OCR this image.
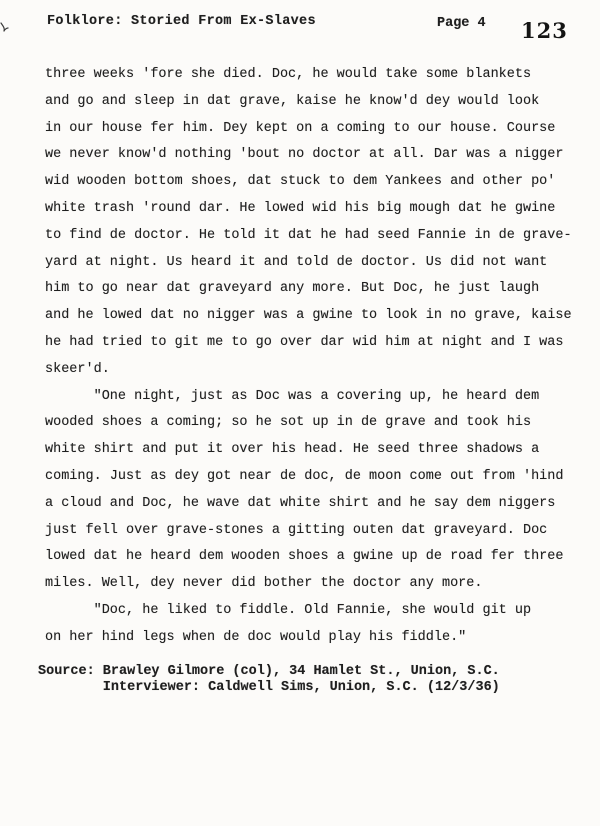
Folklore: Storied From Ex-Slaves	Page 4 123
three weeks 'fore she died. Doc, he would take some blankets
and go and sleep in dat grave, kaise he know'd dey would look
in our house fer him. Dey kept on a coming to our house. Course
we never know'd nothing 'bout no doctor at all. Dar was a nigger
wid wooden bottom shoes, dat stuck to dem Yankees and other po'
white trash 'round dar. He lowed wid his big mough dat he gwine
to find de doctor. He told it dat he had seed Fannie in de grave-
yard at night. Us heard it and told de doctor. Us did not want
him to go near dat graveyard any more. But Doc, he just laugh
and he lowed dat no nigger was a gwine to look in no grave, kaise
he had tried to git me to go over dar wid him at night and I was
skeer'd.
"One night, just as Doc was a covering up, he heard dem
wooded shoes a coming; so he sot up in de grave and took his
white shirt and put it over his head. He seed three shadows a
coming. Just as dey got near de doc, de moon come out from 'hind
a cloud and Doc, he wave dat white shirt and he say dem niggers
just fell over grave-stones a gitting outen dat graveyard. Doc
lowed dat he heard dem wooden shoes a gwine up de road fer three
miles. Well, dey never did bother the doctor any more.
"Doc, he liked to fiddle. Old Fannie, she would git up
on her hind legs when de doc would play his fiddle."
Source: Brawley Gilmore (col), 34 Hamlet St., Union, S.C.
Interviewer: Caldwell Sims, Union, S.C. (12/3/36)
